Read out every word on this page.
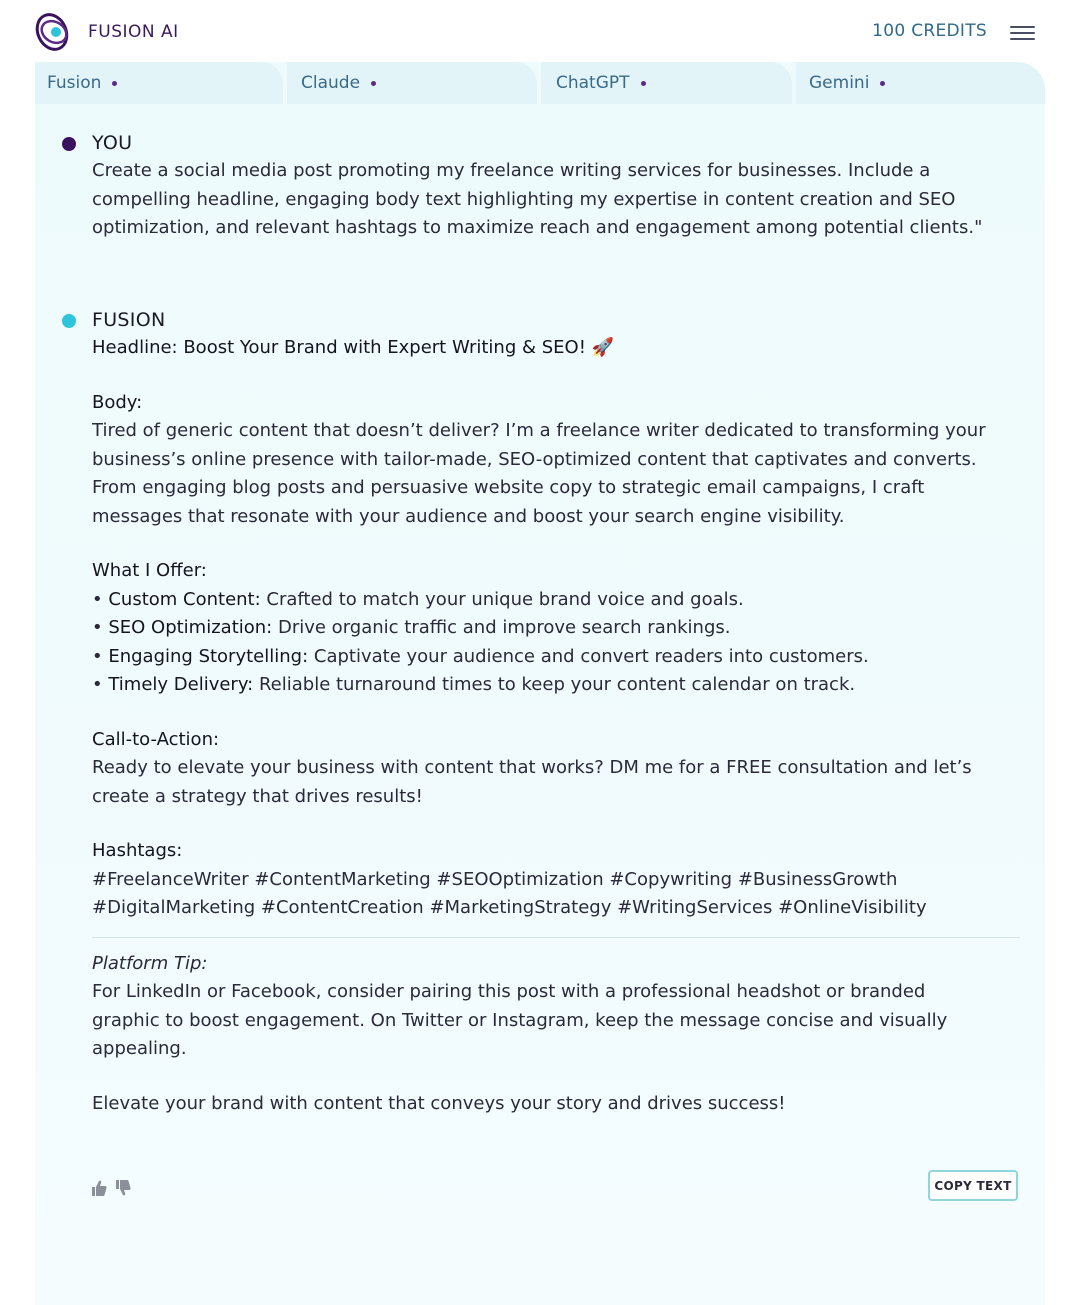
FUSION AI	100 CREDITS
Fusion	Claude	ChatGPT	Gemini
YOU
Create a social media post promoting my freelance writing services for businesses. Include a
compelling headline, engaging body text highlighting my expertise in content creation and SEO
optimization, and relevant hashtags to maximize reach and engagement among potential clients."
FUSION
Headline: Boost Your Brand with Expert Writing & SEO! 🚀
Body:
Tired of generic content that doesn’t deliver? I’m a freelance writer dedicated to transforming your
business’s online presence with tailor-made, SEO-optimized content that captivates and converts.
From engaging blog posts and persuasive website copy to strategic email campaigns, I craft
messages that resonate with your audience and boost your search engine visibility.
What I Offer:
• Custom Content: Crafted to match your unique brand voice and goals.
• SEO Optimization: Drive organic traffic and improve search rankings.
• Engaging Storytelling: Captivate your audience and convert readers into customers.
• Timely Delivery: Reliable turnaround times to keep your content calendar on track.
Call-to-Action:
Ready to elevate your business with content that works? DM me for a FREE consultation and let’s
create a strategy that drives results!
Hashtags:
#FreelanceWriter #ContentMarketing #SEOOptimization #Copywriting #BusinessGrowth
#DigitalMarketing #ContentCreation #MarketingStrategy #WritingServices #OnlineVisibility
Platform Tip:
For LinkedIn or Facebook, consider pairing this post with a professional headshot or branded
graphic to boost engagement. On Twitter or Instagram, keep the message concise and visually
appealing.
Elevate your brand with content that conveys your story and drives success!
COPY TEXT
